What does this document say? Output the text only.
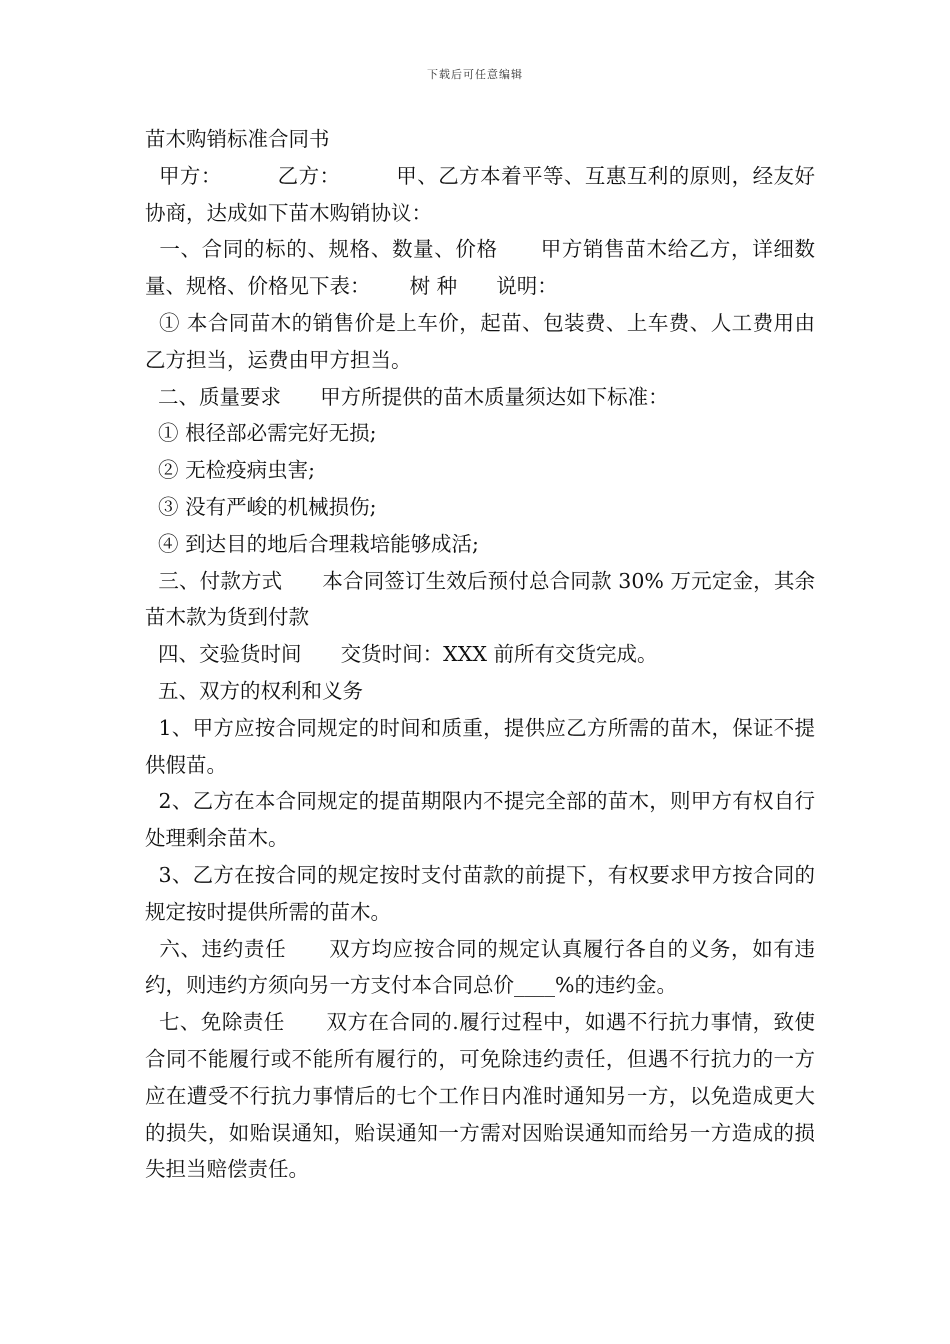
下载后可任意编辑

苗木购销标准合同书

甲方：        乙方：        甲、乙方本着平等、互惠互利的原则，经友好协商，达成如下苗木购销协议：

一、合同的标的、规格、数量、价格      甲方销售苗木给乙方，详细数量、规格、价格见下表：      树 种      说明：

① 本合同苗木的销售价是上车价，起苗、包装费、上车费、人工费用由乙方担当，运费由甲方担当。

二、质量要求      甲方所提供的苗木质量须达如下标准：

① 根径部必需完好无损;

② 无检疫病虫害;

③ 没有严峻的机械损伤;

④ 到达目的地后合理栽培能够成活;

三、付款方式      本合同签订生效后预付总合同款 30% 万元定金，其余苗木款为货到付款

四、交验货时间      交货时间：XXX 前所有交货完成。

五、双方的权利和义务

1、甲方应按合同规定的时间和质重，提供应乙方所需的苗木，保证不提供假苗。

2、乙方在本合同规定的提苗期限内不提完全部的苗木，则甲方有权自行处理剩余苗木。

3、乙方在按合同的规定按时支付苗款的前提下，有权要求甲方按合同的规定按时提供所需的苗木。

六、违约责任      双方均应按合同的规定认真履行各自的义务，如有违约，则违约方须向另一方支付本合同总价____%的违约金。

七、免除责任      双方在合同的.履行过程中，如遇不行抗力事情，致使合同不能履行或不能所有履行的，可免除违约责任，但遇不行抗力的一方应在遭受不行抗力事情后的七个工作日内准时通知另一方，以免造成更大的损失，如贻误通知，贻误通知一方需对因贻误通知而给另一方造成的损失担当赔偿责任。
